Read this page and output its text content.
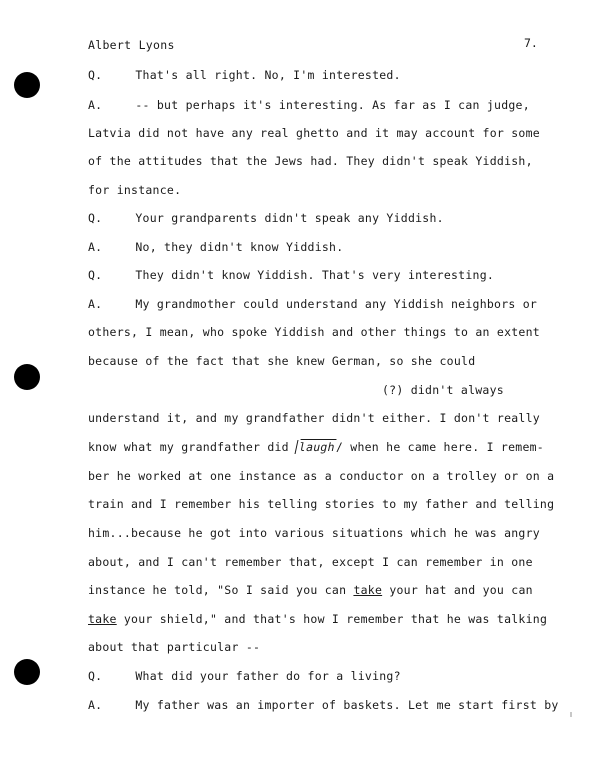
Albert Lyons	7.
Q.	That's all right. No, I'm interested.
A.	-- but perhaps it's interesting. As far as I can judge,
Latvia did not have any real ghetto and it may account for some
of the attitudes that the Jews had. They didn't speak Yiddish,
for instance.
Q.	Your grandparents didn't speak any Yiddish.
A.	No, they didn't know Yiddish.
Q.	They didn't know Yiddish. That's very interesting.
A.	My grandmother could understand any Yiddish neighbors or
others, I mean, who spoke Yiddish and other things to an extent
because of the fact that she knew German, so she could
(?) didn't always
understand it, and my grandfather didn't either. I don't really
know what my grandfather did laugh/ when he came here. I remem-
ber he worked at one instance as a conductor on a trolley or on a
train and I remember his telling stories to my father and telling
him...because he got into various situations which he was angry
about, and I can't remember that, except I can remember in one
instance he told, "So I said you can take your hat and you can
take your shield," and that's how I remember that he was talking
about that particular --
Q.	What did your father do for a living?
A.	My father was an importer of baskets. Let me start first by
